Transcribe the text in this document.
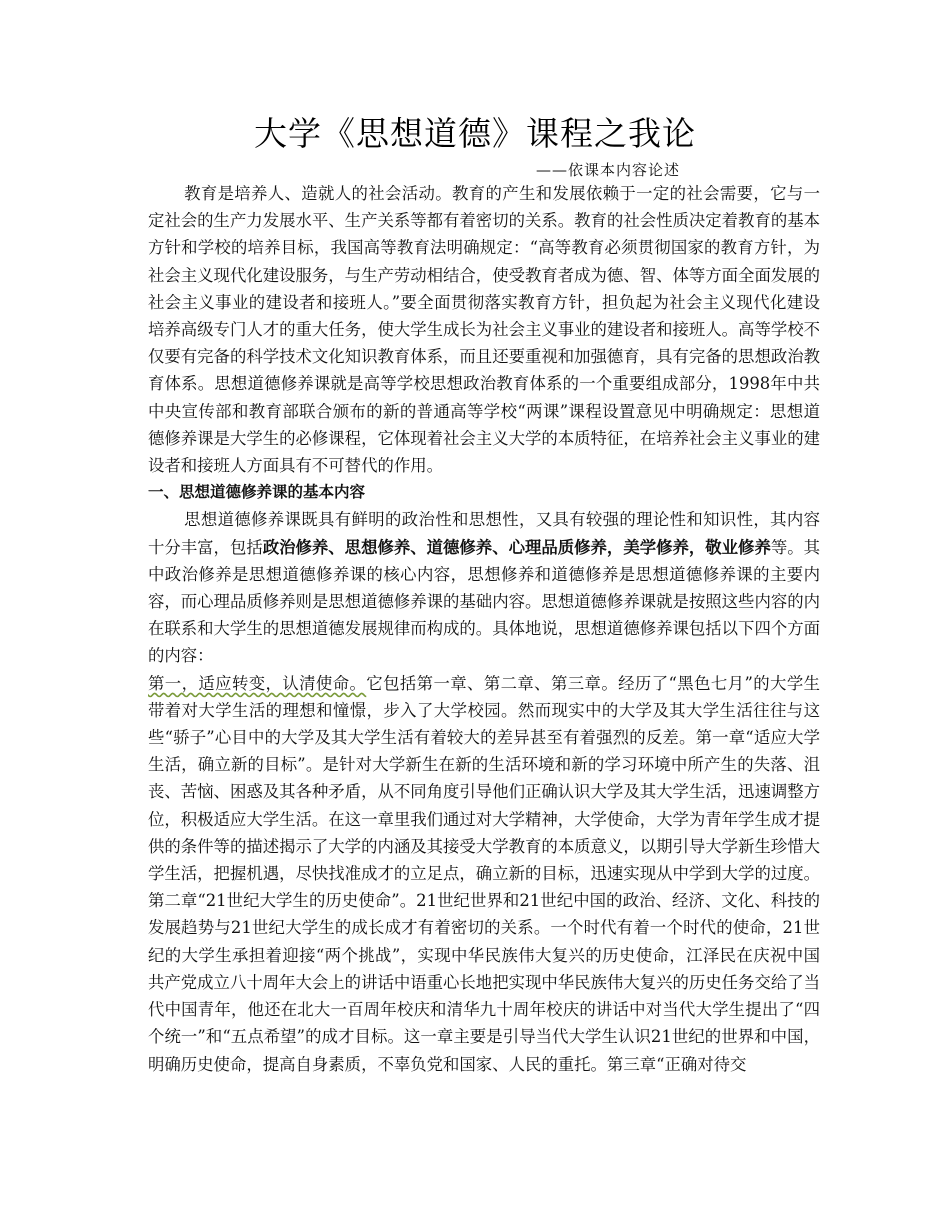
大学《思想道德》课程之我论
——依课本内容论述

教育是培养人、造就人的社会活动。教育的产生和发展依赖于一定的社会需要，它与一定社会的生产力发展水平、生产关系等都有着密切的关系。教育的社会性质决定着教育的基本方针和学校的培养目标，我国高等教育法明确规定：“高等教育必须贯彻国家的教育方针，为社会主义现代化建设服务，与生产劳动相结合，使受教育者成为德、智、体等方面全面发展的社会主义事业的建设者和接班人。”要全面贯彻落实教育方针，担负起为社会主义现代化建设培养高级专门人才的重大任务，使大学生成长为社会主义事业的建设者和接班人。高等学校不仅要有完备的科学技术文化知识教育体系，而且还要重视和加强德育，具有完备的思想政治教育体系。思想道德修养课就是高等学校思想政治教育体系的一个重要组成部分，1998年中共中央宣传部和教育部联合颁布的新的普通高等学校“两课”课程设置意见中明确规定：思想道德修养课是大学生的必修课程，它体现着社会主义大学的本质特征，在培养社会主义事业的建设者和接班人方面具有不可替代的作用。

一、思想道德修养课的基本内容

思想道德修养课既具有鲜明的政治性和思想性，又具有较强的理论性和知识性，其内容十分丰富，包括政治修养、思想修养、道德修养、心理品质修养，美学修养，敬业修养等。其中政治修养是思想道德修养课的核心内容，思想修养和道德修养是思想道德修养课的主要内容，而心理品质修养则是思想道德修养课的基础内容。思想道德修养课就是按照这些内容的内在联系和大学生的思想道德发展规律而构成的。具体地说，思想道德修养课包括以下四个方面的内容：

第一，适应转变，认清使命。它包括第一章、第二章、第三章。经历了“黑色七月”的大学生带着对大学生活的理想和憧憬，步入了大学校园。然而现实中的大学及其大学生活往往与这些“骄子”心目中的大学及其大学生活有着较大的差异甚至有着强烈的反差。第一章“适应大学生活，确立新的目标”。是针对大学新生在新的生活环境和新的学习环境中所产生的失落、沮丧、苦恼、困惑及其各种矛盾，从不同角度引导他们正确认识大学及其大学生活，迅速调整方位，积极适应大学生活。在这一章里我们通过对大学精神，大学使命，大学为青年学生成才提供的条件等的描述揭示了大学的内涵及其接受大学教育的本质意义，以期引导大学新生珍惜大学生活，把握机遇，尽快找准成才的立足点，确立新的目标，迅速实现从中学到大学的过度。第二章“21世纪大学生的历史使命”。21世纪世界和21世纪中国的政治、经济、文化、科技的发展趋势与21世纪大学生的成长成才有着密切的关系。一个时代有着一个时代的使命，21世纪的大学生承担着迎接“两个挑战”，实现中华民族伟大复兴的历史使命，江泽民在庆祝中国共产党成立八十周年大会上的讲话中语重心长地把实现中华民族伟大复兴的历史任务交给了当代中国青年，他还在北大一百周年校庆和清华九十周年校庆的讲话中对当代大学生提出了“四个统一”和“五点希望”的成才目标。这一章主要是引导当代大学生认识21世纪的世界和中国，明确历史使命，提高自身素质，不辜负党和国家、人民的重托。第三章“正确对待交
